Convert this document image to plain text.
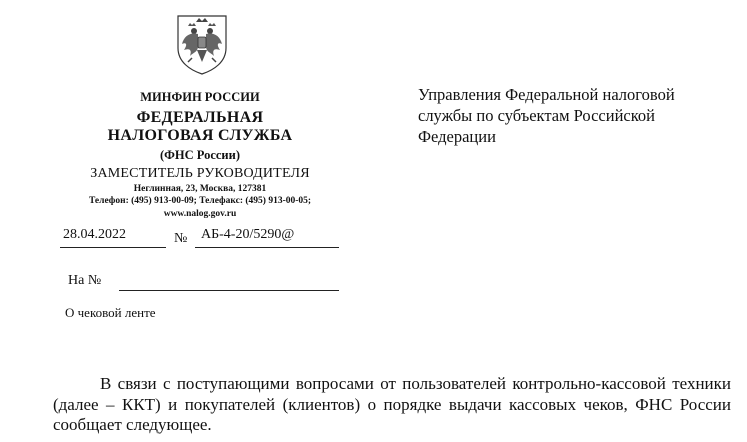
МИНФИН РОССИИ
ФЕДЕРАЛЬНАЯ
НАЛОГОВАЯ СЛУЖБА
(ФНС России)
ЗАМЕСТИТЕЛЬ РУКОВОДИТЕЛЯ
Неглинная, 23, Москва, 127381
Телефон: (495) 913-00-09; Телефакс: (495) 913-00-05;
www.nalog.gov.ru
28.04.2022	№ АБ-4-20/5290@
На №
О чековой ленте
Управления Федеральной налоговой службы по субъектам Российской Федерации

В связи с поступающими вопросами от пользователей контрольно-кассовой техники (далее – ККТ) и покупателей (клиентов) о порядке выдачи кассовых чеков, ФНС России сообщает следующее.
